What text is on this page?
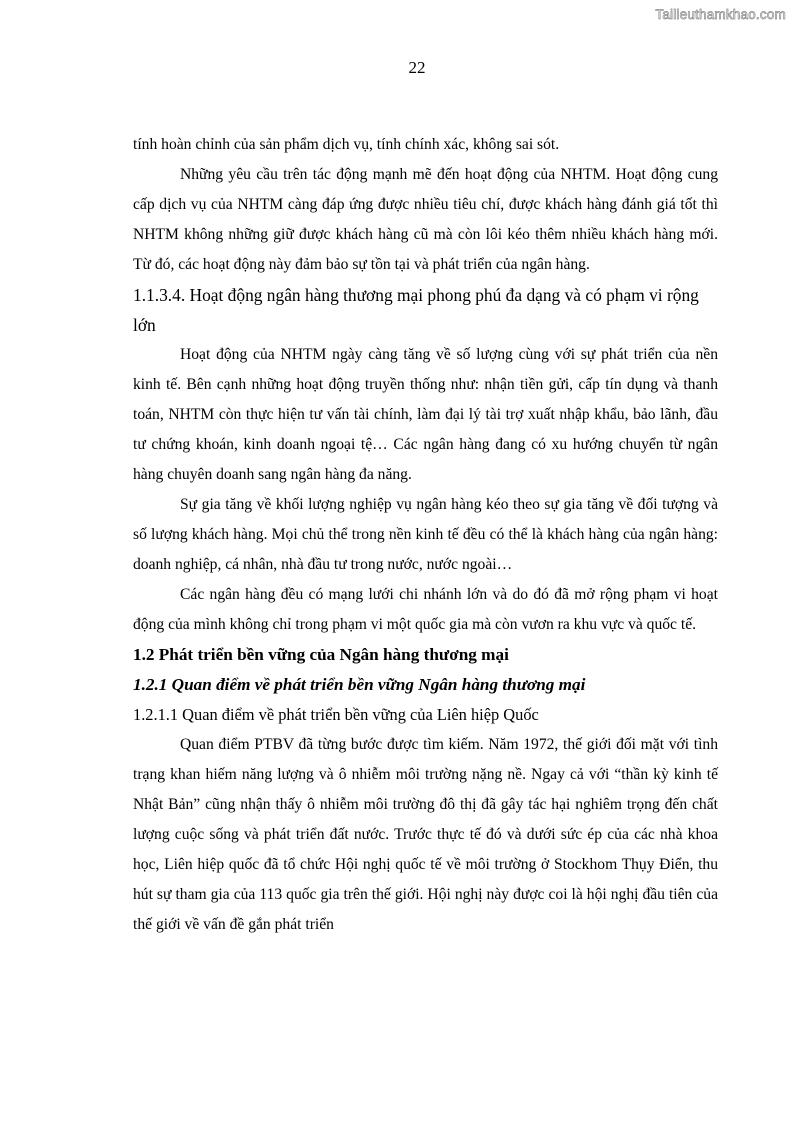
Tailieuthamkhao.com
22

tính hoàn chỉnh của sản phẩm dịch vụ, tính chính xác, không sai sót.

Những yêu cầu trên tác động mạnh mẽ đến hoạt động của NHTM. Hoạt động cung cấp dịch vụ của NHTM càng đáp ứng được nhiều tiêu chí, được khách hàng đánh giá tốt thì NHTM không những giữ được khách hàng cũ mà còn lôi kéo thêm nhiều khách hàng mới. Từ đó, các hoạt động này đảm bảo sự tồn tại và phát triển của ngân hàng.

1.1.3.4. Hoạt động ngân hàng thương mại phong phú đa dạng và có phạm vi rộng lớn

Hoạt động của NHTM ngày càng tăng về số lượng cùng với sự phát triển của nền kinh tế. Bên cạnh những hoạt động truyền thống như: nhận tiền gửi, cấp tín dụng và thanh toán, NHTM còn thực hiện tư vấn tài chính, làm đại lý tài trợ xuất nhập khẩu, bảo lãnh, đầu tư chứng khoán, kinh doanh ngoại tệ… Các ngân hàng đang có xu hướng chuyển từ ngân hàng chuyên doanh sang ngân hàng đa năng.

Sự gia tăng về khối lượng nghiệp vụ ngân hàng kéo theo sự gia tăng về đối tượng và số lượng khách hàng. Mọi chủ thể trong nền kinh tế đều có thể là khách hàng của ngân hàng: doanh nghiệp, cá nhân, nhà đầu tư trong nước, nước ngoài…

Các ngân hàng đều có mạng lưới chi nhánh lớn và do đó đã mở rộng phạm vi hoạt động của mình không chỉ trong phạm vi một quốc gia mà còn vươn ra khu vực và quốc tế.

1.2 Phát triển bền vững của Ngân hàng thương mại

1.2.1 Quan điểm về phát triển bền vững Ngân hàng thương mại

1.2.1.1 Quan điểm về phát triển bền vững của Liên hiệp Quốc

Quan điểm PTBV đã từng bước được tìm kiếm. Năm 1972, thế giới đối mặt với tình trạng khan hiếm năng lượng và ô nhiễm môi trường nặng nề. Ngay cả với “thần kỳ kinh tế Nhật Bản” cũng nhận thấy ô nhiễm môi trường đô thị đã gây tác hại nghiêm trọng đến chất lượng cuộc sống và phát triển đất nước. Trước thực tế đó và dưới sức ép của các nhà khoa học, Liên hiệp quốc đã tổ chức Hội nghị quốc tế về môi trường ở Stockhom Thụy Điển, thu hút sự tham gia của 113 quốc gia trên thế giới. Hội nghị này được coi là hội nghị đầu tiên của thế giới về vấn đề gắn phát triển
